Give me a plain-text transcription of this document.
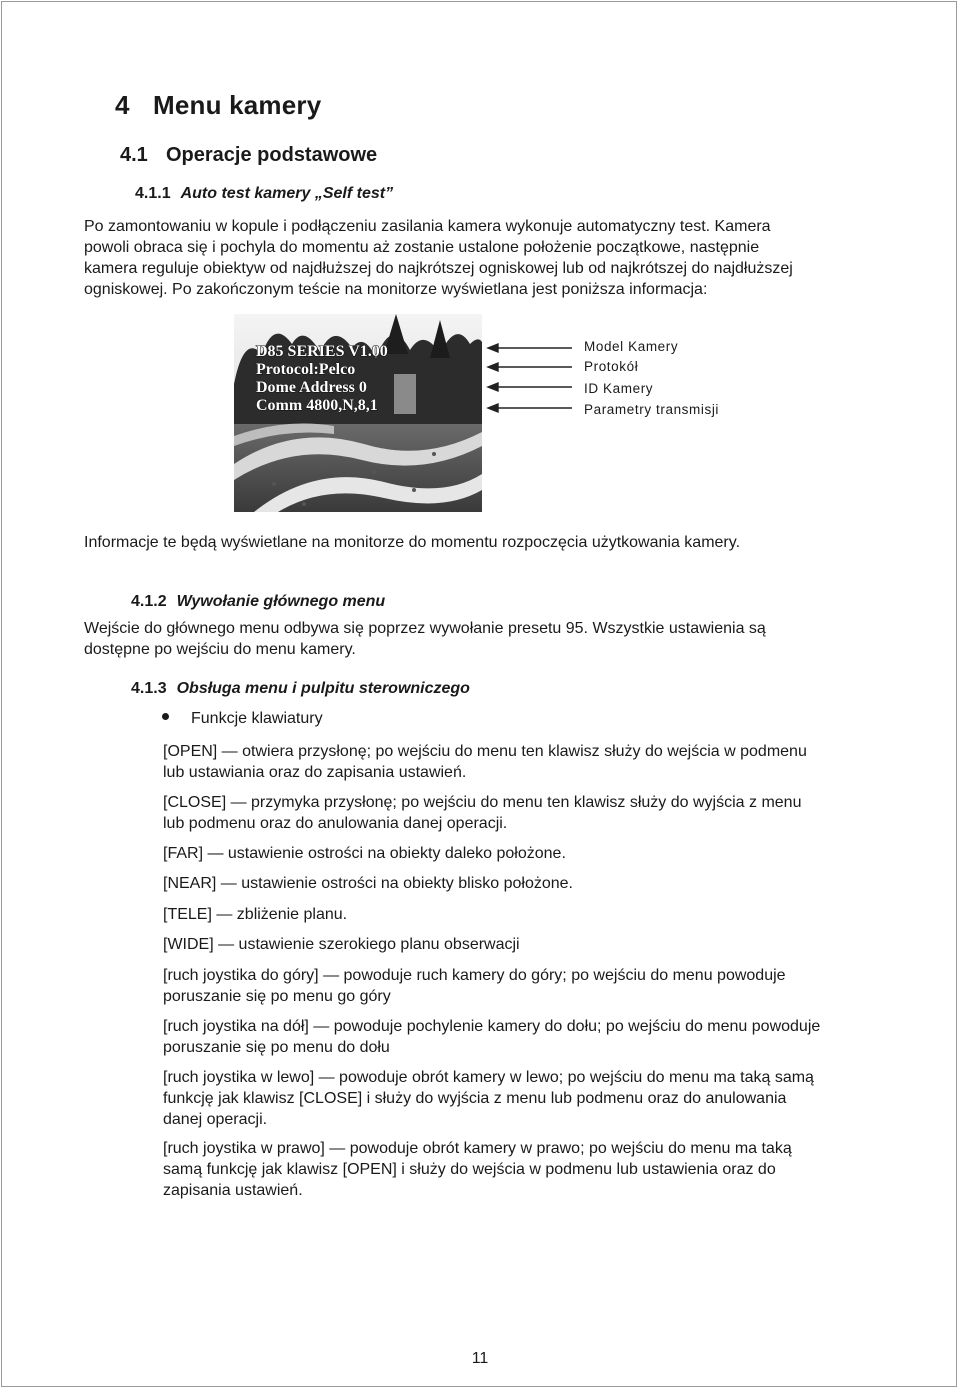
4 Menu kamery
4.1 Operacje podstawowe
4.1.1 Auto test kamery „Self test”

Po zamontowaniu w kopule i podłączeniu zasilania kamera wykonuje automatyczny test. Kamera

powoli obraca się i pochyla do momentu aż zostanie ustalone położenie początkowe, następnie

kamera reguluje obiektyw od najdłuższej do najkrótszej ogniskowej lub od najkrótszej do najdłuższej

ogniskowej. Po zakończonym teście na monitorze wyświetlana jest poniższa informacja:

D85 SERIES V1.00
Protocol:Pelco
Dome Address 0
Comm 4800,N,8,1
Model Kamery
Protokół
ID Kamery
Parametry transmisji
Informacje te będą wyświetlane na monitorze do momentu rozpoczęcia użytkowania kamery.
4.1.2 Wywołanie głównego menu

Wejście do głównego menu odbywa się poprzez wywołanie presetu 95. Wszystkie ustawienia są

dostępne po wejściu do menu kamery.

4.1.3 Obsługa menu i pulpitu sterowniczego
Funkcje klawiatury
[OPEN] — otwiera przysłonę; po wejściu do menu ten klawisz służy do wejścia w podmenu
lub ustawiania oraz do zapisania ustawień.
[CLOSE] — przymyka przysłonę; po wejściu do menu ten klawisz służy do wyjścia z menu
lub podmenu oraz do anulowania danej operacji.
[FAR] — ustawienie ostrości na obiekty daleko położone.
[NEAR] — ustawienie ostrości na obiekty blisko położone.
[TELE] — zbliżenie planu.
[WIDE] — ustawienie szerokiego planu obserwacji
[ruch joystika do góry] — powoduje ruch kamery do góry; po wejściu do menu powoduje
poruszanie się po menu go góry
[ruch joystika na dół] — powoduje pochylenie kamery do dołu; po wejściu do menu powoduje
poruszanie się po menu do dołu
[ruch joystika w lewo] — powoduje obrót kamery w lewo; po wejściu do menu ma taką samą
funkcję jak klawisz [CLOSE] i służy do wyjścia z menu lub podmenu oraz do anulowania
danej operacji.
[ruch joystika w prawo] — powoduje obrót kamery w prawo; po wejściu do menu ma taką
samą funkcję jak klawisz [OPEN] i służy do wejścia w podmenu lub ustawienia oraz do
zapisania ustawień.
11
